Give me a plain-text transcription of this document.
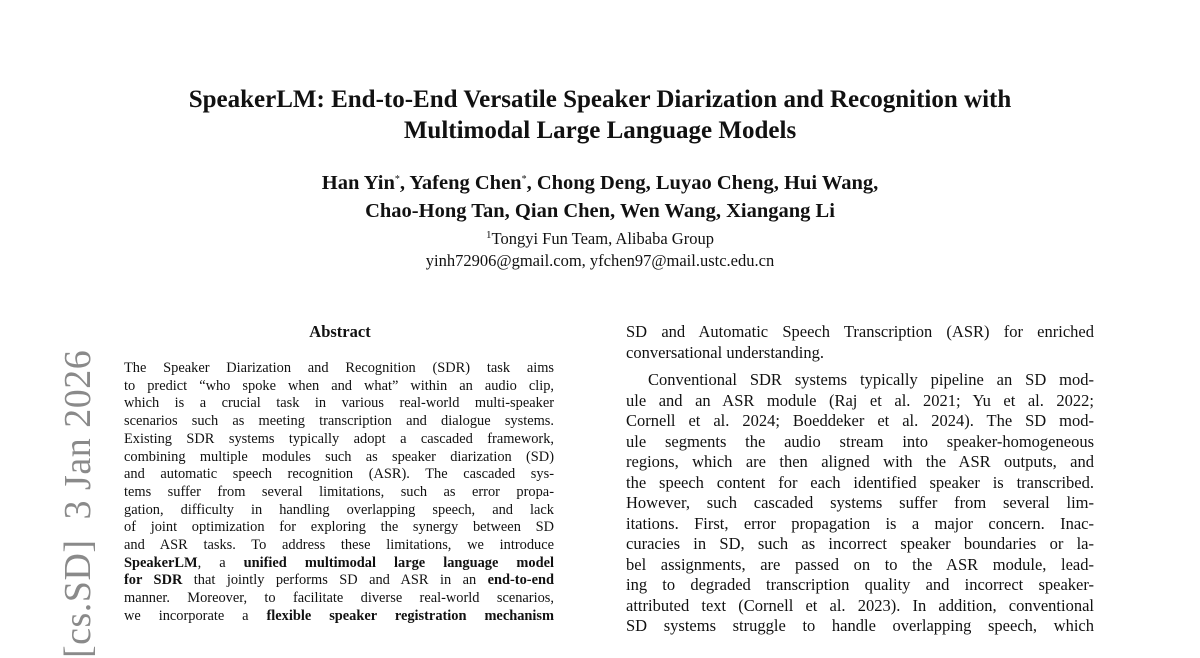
SpeakerLM: End-to-End Versatile Speaker Diarization and Recognition with
Multimodal Large Language Models
Han Yin*, Yafeng Chen*, Chong Deng, Luyao Cheng, Hui Wang,
Chao-Hong Tan, Qian Chen, Wen Wang, Xiangang Li
$^1$Tongyi Fun Team, Alibaba Group
yinh72906@gmail.com, yfchen97@mail.ustc.edu.cn
[cs.SD]  3 Jan 2026
Abstract
The Speaker Diarization and Recognition (SDR) task aims
to predict “who spoke when and what” within an audio clip,
which is a crucial task in various real-world multi-speaker
scenarios such as meeting transcription and dialogue systems.
Existing SDR systems typically adopt a cascaded framework,
combining multiple modules such as speaker diarization (SD)
and automatic speech recognition (ASR). The cascaded sys-
tems suffer from several limitations, such as error propa-
gation, difficulty in handling overlapping speech, and lack
of joint optimization for exploring the synergy between SD
and ASR tasks. To address these limitations, we introduce
SpeakerLM, a unified multimodal large language model
for SDR that jointly performs SD and ASR in an end-to-end
manner. Moreover, to facilitate diverse real-world scenarios,
we incorporate a flexible speaker registration mechanism
SD and Automatic Speech Transcription (ASR) for enriched
conversational understanding.
Conventional SDR systems typically pipeline an SD mod-
ule and an ASR module (Raj et al. 2021; Yu et al. 2022;
Cornell et al. 2024; Boeddeker et al. 2024). The SD mod-
ule segments the audio stream into speaker-homogeneous
regions, which are then aligned with the ASR outputs, and
the speech content for each identified speaker is transcribed.
However, such cascaded systems suffer from several lim-
itations. First, error propagation is a major concern. Inac-
curacies in SD, such as incorrect speaker boundaries or la-
bel assignments, are passed on to the ASR module, lead-
ing to degraded transcription quality and incorrect speaker-
attributed text (Cornell et al. 2023). In addition, conventional
SD systems struggle to handle overlapping speech, which
